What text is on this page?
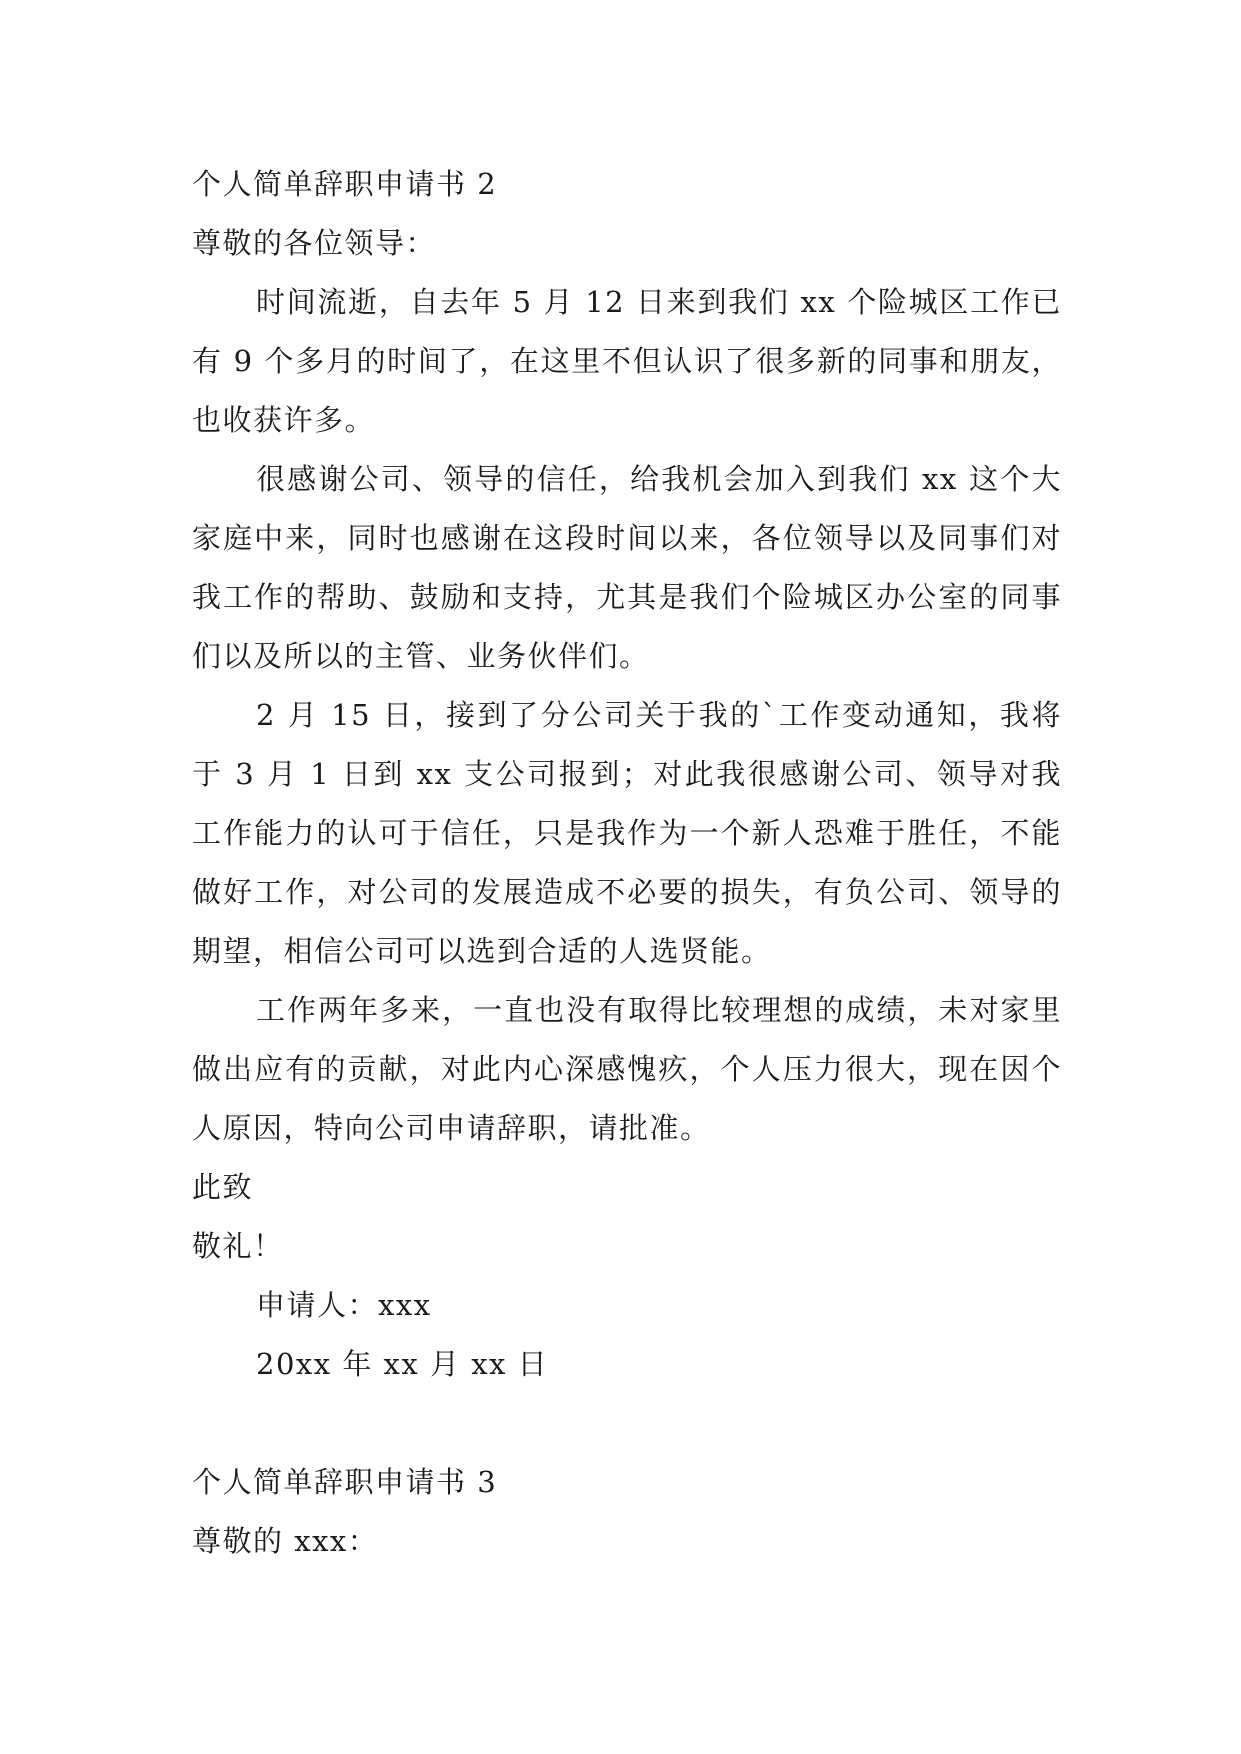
个人简单辞职申请书 2
尊敬的各位领导：

时间流逝，自去年 5 月 12 日来到我们 xx 个险城区工作已有 9 个多月的时间了，在这里不但认识了很多新的同事和朋友，也收获许多。

很感谢公司、领导的信任，给我机会加入到我们 xx 这个大家庭中来，同时也感谢在这段时间以来，各位领导以及同事们对我工作的帮助、鼓励和支持，尤其是我们个险城区办公室的同事们以及所以的主管、业务伙伴们。

2 月 15 日，接到了分公司关于我的`工作变动通知，我将于 3 月 1 日到 xx 支公司报到；对此我很感谢公司、领导对我工作能力的认可于信任，只是我作为一个新人恐难于胜任，不能做好工作，对公司的发展造成不必要的损失，有负公司、领导的期望，相信公司可以选到合适的人选贤能。

工作两年多来，一直也没有取得比较理想的成绩，未对家里做出应有的贡献，对此内心深感愧疚，个人压力很大，现在因个人原因，特向公司申请辞职，请批准。

此致
敬礼！
申请人：xxx
20xx 年 xx 月 xx 日
个人简单辞职申请书 3
尊敬的 xxx：
